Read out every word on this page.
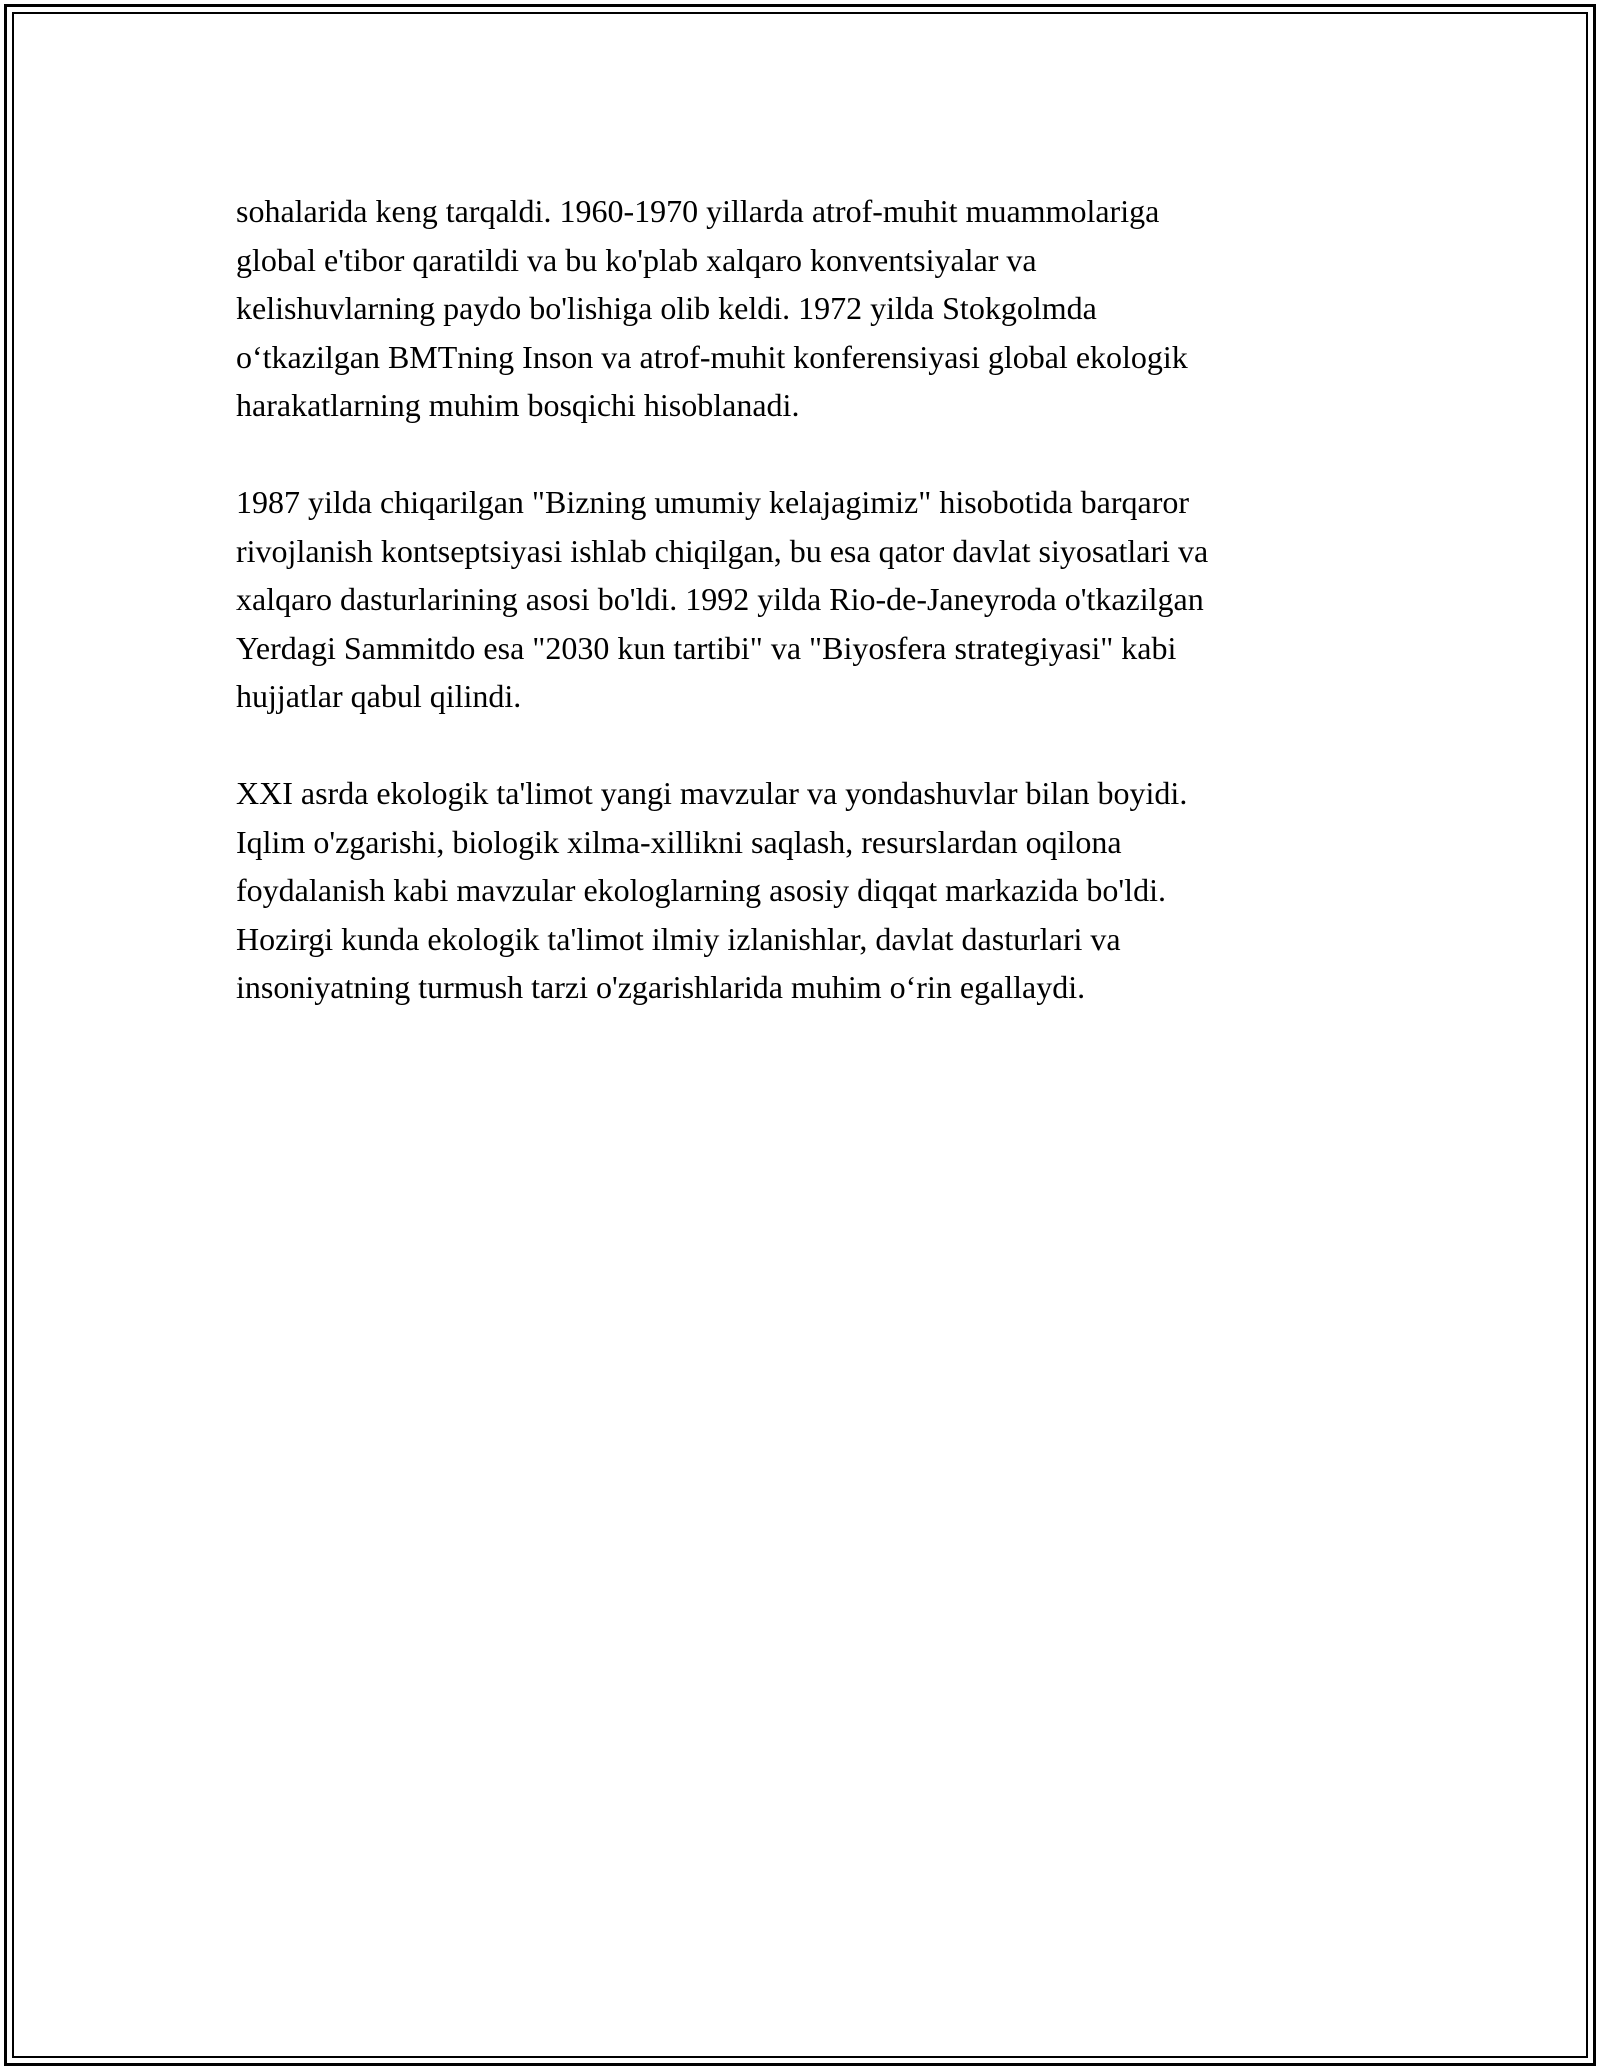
sohalarida keng tarqaldi. 1960-1970 yillarda atrof-muhit muammolariga
global e'tibor qaratildi va bu ko'plab xalqaro konventsiyalar va
kelishuvlarning paydo bo'lishiga olib keldi. 1972 yilda Stokgolmda
oʻtkazilgan BMTning Inson va atrof-muhit konferensiyasi global ekologik
harakatlarning muhim bosqichi hisoblanadi.

1987 yilda chiqarilgan "Bizning umumiy kelajagimiz" hisobotida barqaror
rivojlanish kontseptsiyasi ishlab chiqilgan, bu esa qator davlat siyosatlari va
xalqaro dasturlarining asosi bo'ldi. 1992 yilda Rio-de-Janeyroda o'tkazilgan
Yerdagi Sammitdo esa "2030 kun tartibi" va "Biyosfera strategiyasi" kabi
hujjatlar qabul qilindi.

XXI asrda ekologik ta'limot yangi mavzular va yondashuvlar bilan boyidi.
Iqlim o'zgarishi, biologik xilma-xillikni saqlash, resurslardan oqilona
foydalanish kabi mavzular ekologlarning asosiy diqqat markazida bo'ldi.
Hozirgi kunda ekologik ta'limot ilmiy izlanishlar, davlat dasturlari va
insoniyatning turmush tarzi o'zgarishlarida muhim oʻrin egallaydi.
